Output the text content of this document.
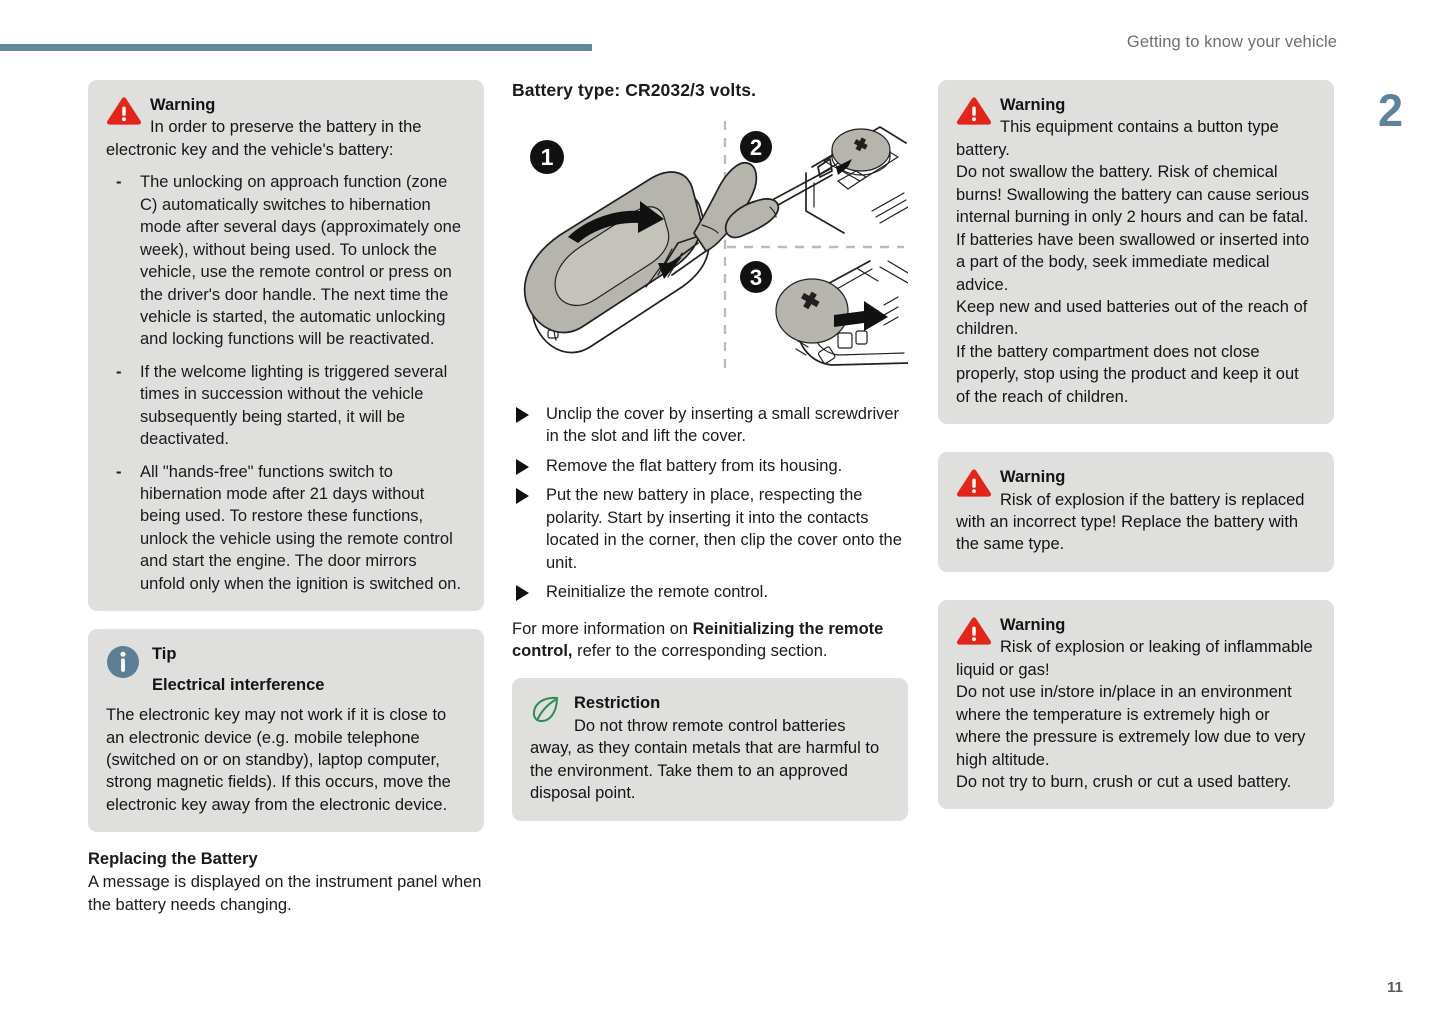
Getting to know your vehicle
2
11
Warning
In order to preserve the battery in the electronic key and the vehicle's battery:
- The unlocking on approach function (zone C) automatically switches to hibernation mode after several days (approximately one week), without being used. To unlock the vehicle, use the remote control or press on the driver's door handle. The next time the vehicle is started, the automatic unlocking and locking functions will be reactivated.
- If the welcome lighting is triggered several times in succession without the vehicle subsequently being started, it will be deactivated.
- All "hands-free" functions switch to hibernation mode after 21 days without being used. To restore these functions, unlock the vehicle using the remote control and start the engine. The door mirrors unfold only when the ignition is switched on.
Tip
Electrical interference
The electronic key may not work if it is close to an electronic device (e.g. mobile telephone (switched on or on standby), laptop computer, strong magnetic fields). If this occurs, move the electronic key away from the electronic device.
Replacing the Battery

A message is displayed on the instrument panel when the battery needs changing.

Battery type: CR2032/3 volts.
1	2
3
Unclip the cover by inserting a small screwdriver in the slot and lift the cover.
Remove the flat battery from its housing.
Put the new battery in place, respecting the polarity. Start by inserting it into the contacts located in the corner, then clip the cover onto the unit.
Reinitialize the remote control.

For more information on Reinitializing the remote control, refer to the corresponding section.

Restriction
Do not throw remote control batteries away, as they contain metals that are harmful to the environment. Take them to an approved disposal point.
Warning
This equipment contains a button type battery.
Do not swallow the battery. Risk of chemical burns! Swallowing the battery can cause serious internal burning in only 2 hours and can be fatal.
If batteries have been swallowed or inserted into a part of the body, seek immediate medical advice.
Keep new and used batteries out of the reach of children.
If the battery compartment does not close properly, stop using the product and keep it out of the reach of children.
Warning
Risk of explosion if the battery is replaced with an incorrect type! Replace the battery with the same type.
Warning
Risk of explosion or leaking of inflammable liquid or gas!
Do not use in/store in/place in an environment where the temperature is extremely high or where the pressure is extremely low due to very high altitude.
Do not try to burn, crush or cut a used battery.
